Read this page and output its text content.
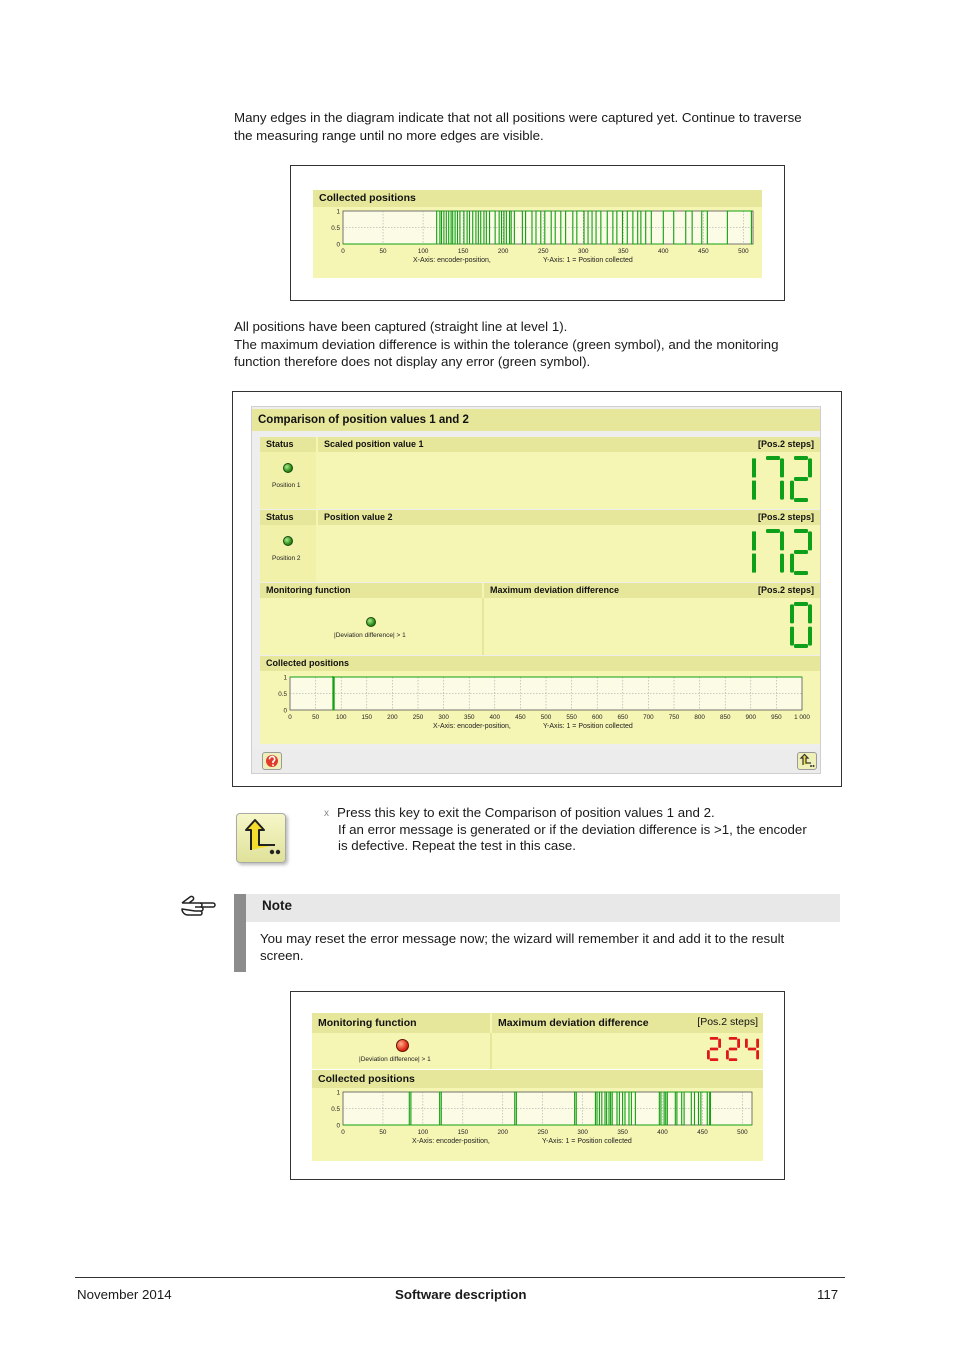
Many edges in the diagram indicate that not all positions were captured yet. Continue to traverse
the measuring range until no more edges are visible.

Collected positions
0	50	100	150	200	250	300	350	400	450	500
1
0.5
0
X-Axis: encoder-position,	Y-Axis: 1 = Position collected

All positions have been captured (straight line at level 1).
The maximum deviation difference is within the tolerance (green symbol), and the monitoring
function therefore does not display any error (green symbol).

Comparison of position values 1 and 2
Status	Scaled position value 1	[Pos.2 steps]
Position 1
Status	Position value 2	[Pos.2 steps]
Position 2
Monitoring function	Maximum deviation difference	[Pos.2 steps]
|Deviation difference| > 1
Collected positions
0	50	100 150 200 250 300 350 400 450 500 550 600 650 700 750 800 850 900 950 1 000
1
0.5
0
X-Axis: encoder-position,	Y-Axis: 1 = Position collected
x Press this key to exit the Comparison of position values 1 and 2.
If an error message is generated or if the deviation difference is >1, the encoder
is defective. Repeat the test in this case.
Note
You may reset the error message now; the wizard will remember it and add it to the result
screen.
Monitoring function	Maximum deviation difference	[Pos.2 steps]
|Deviation difference| > 1
Collected positions
0	50	100	150	200	250	300	350	400	450	500
1
0.5
0
X-Axis: encoder-position,	Y-Axis: 1 = Position collected
November 2014	Software description	117
